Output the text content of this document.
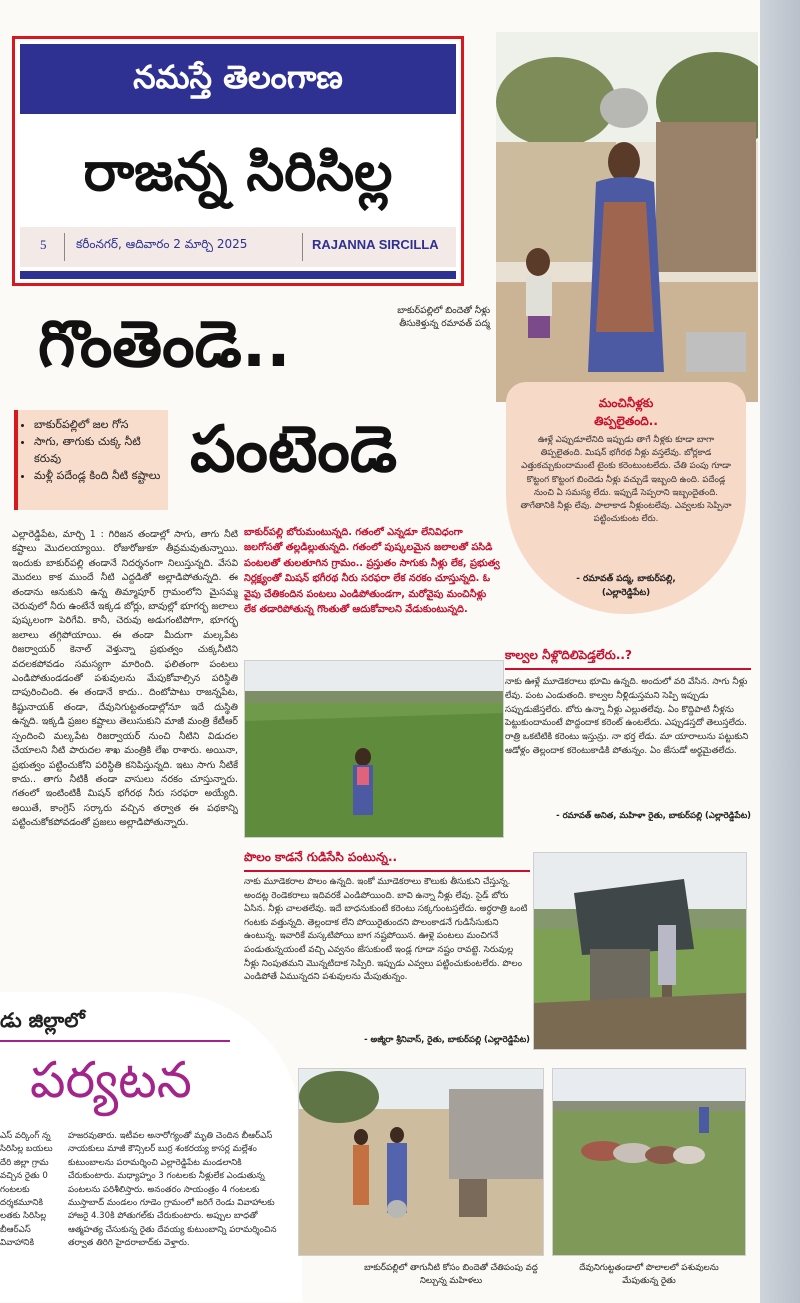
నమస్తే తెలంగాణ
రాజన్న సిరిసిల్ల
5 కరీంనగర్, ఆదివారం 2 మార్చి 2025	RAJANNA SIRCILLA
గొంతెండె..
పంటెండె
బాకుర్‌పల్లిలో బిందెతో నీళ్లు తీసుకెళ్తున్న రమావత్ పద్మ
• బాకుర్‌పల్లిలో జల గోస
• సాగు, తాగుకు చుక్క నీటి కరువు
• మళ్లీ పదేండ్ల కింది నీటి కష్టాలు
మంచినీళ్లకు
తిప్పలైతంది..
ఊళ్లే ఎప్పుడూలేనిది ఇప్పుడు తాగే నీళ్లకు కూడా బాగా తిప్పలైతంది. మిషన్ భగీరథ నీళ్లు వస్తలేవు. బోర్లకాడ ఎత్తుకచ్చుకుందామంటే టైంకు కరెంటుంటలేదు. చేతి పంపు గూడా కొట్టంగ కొట్టంగ బిందెడు నీళ్లు వచ్చుడే ఇబ్బంది ఉంది. పదేండ్ల నుంచి ఏ సమస్య లేదు. ఇప్పుడే సెప్పరాని ఇబ్బందైతంది. తాగేతానికి నీళ్లు లేవు. పాలాకాడ నీళ్లుంటలేవు. ఎవ్వలకు సెప్పినా పట్టించుకుంట లేరు.
- రమావత్ పద్మ, బాకుర్‌పల్లి,
(ఎల్లారెడ్డిపేట)
ఎల్లారెడ్డిపేట, మార్చి 1 : గిరిజన తండాల్లో సాగు, తాగు నీటి కష్టాలు మొదలయ్యాయి. రోజురోజుకూ తీవ్రమవుతున్నాయి. ఇందుకు బాకుర్‌పల్లి తండానే నిదర్శనంగా నిలుస్తున్నది. వేసవి మొదలు కాక ముందే నీటి ఎద్దడితో అల్లాడిపోతున్నది. ఈ తండాను ఆనుకుని ఉన్న తిమ్మాపూర్ గ్రామంలోని మైసమ్మ చెరువులో నీరు ఉంటేనే ఇక్కడ బోర్లు, బావుల్లో భూగర్భ జలాలు పుష్కలంగా పెరిగేవి. కానీ, చెరువు అడుగంటిపోగా, భూగర్భ జలాలు తగ్గిపోయాయి. ఈ తండా మీదుగా మల్కపేట రిజర్వాయర్ కెనాల్ వెళ్తున్నా ప్రభుత్వం చుక్కనీటిని వదలకపోవడం సమస్యగా మారింది. ఫలితంగా పంటలు ఎండిపోతుండడంతో పశువులను మేపుకోవాల్సిన పరిస్థితి దాపురించింది. ఈ తండానే కాదు.. దింటోపాటు రాజన్నపేట, కిష్టునాయక్ తండా, దేవునిగుట్టతండాల్లోనూ ఇదే దుస్థితి ఉన్నది. ఇక్కడి ప్రజల కష్టాలు తెలుసుకుని మాజీ మంత్రి కేటీఆర్ స్పందించి మల్కపేట రిజర్వాయర్ నుంచి నీటిని విడుదల చేయాలని నీటి పారుదల శాఖ మంత్రికి లేఖ రాశారు. అయినా, ప్రభుత్వం పట్టించుకోని పరిస్థితి కనిపిస్తున్నది. ఇటు సాగు నీటికే కాదు.. తాగు నీటికీ తండా వాసులు నరకం చూస్తున్నారు. గతంలో ఇంటింటికీ మిషన్ భగీరథ నీరు సరఫరా అయ్యేది. అయితే, కాంగ్రెస్ సర్కారు వచ్చిన తర్వాత ఈ పథకాన్ని పట్టించుకోకపోవడంతో ప్రజలు అల్లాడిపోతున్నారు.
బాకుర్‌పల్లి బోరుమంటున్నది. గతంలో ఎన్నడూ లేనివిధంగా జలగోసతో తల్లడిల్లుతున్నది. గతంలో పుష్కలమైన జలాలతో పసిడి పంటలతో తులతూగిన గ్రామం.. ప్రస్తుతం సాగుకు నీళ్లు లేక, ప్రభుత్వ నిర్లక్ష్యంతో మిషన్ భగీరథ నీరు సరఫరా లేక నరకం చూస్తున్నది. ఓ వైపు చేతికందిన పంటలు ఎండిపోతుండగా, మరోవైపు మంచినీళ్లు లేక తడారిపోతున్న గొంతుతో ఆదుకోవాలని వేడుకుంటున్నది.
కాల్వల నీళ్లొదిలిపెడ్తలేరు..?
నాకు ఊళ్లే మూడెకరాలు భూమి ఉన్నది. అందులో వరి వేసిన. సాగు నీళ్లు లేవు. పంట ఎండుతంది. కాల్వల నీళ్లిడుస్తమని సెప్పి ఇప్పుడు సప్పుడుజేస్తలేరు. బోరు ఉన్నా నీళ్లు ఎల్లుతలేవు. ఏం కొద్దిపాటి నీళ్లను పెట్టుకుందామంటే పొద్దందాక కరెంట్ ఉంటలేదు. ఎప్పుడస్తదో తెలుస్తలేదు. రాత్రి ఒకటిటికి కరెంటు ఇస్తున్రు. నా భర్త లేడు. మా యారాలును పట్టుకుని ఆడోళ్లం తెల్లందాక కరెంటుకాడికి పోతున్నం. ఏం జేసుడో అర్థమైతలేదు.
- రమావత్ అనిత, మహిళా రైతు, బాకుర్‌పల్లి (ఎల్లారెడ్డిపేట)
పొలం కాడనే గుడిసేసి పంటున్న..
నాకు మూడెకరాల పొలం ఉన్నది. ఇంకో మూడెకరాలు కౌలుకు తీసుకుని చేస్తున్న. అందట్ల రెండెకరాలు ఇదివరకే ఎండిపోయింది. బావి ఉన్నా నీళ్లు లేవు. సైడ్ బోరు ఏసిన. నీళ్లు చాలతలేవు. ఇదే బాధనుకుంటే కరెంటు సక్కగుంటస్తలేదు. అర్ధరాత్రి ఒంటి గంటకు వత్తున్నది. తెల్లందాక లేని పోయిరైతుందని పొలంకాడనే గుడిసేసుకుని ఉంటున్న. ఇవారికే మస్కటిపోయి బాగ నష్టపోయిన. ఊళ్లె పంటలు మంచిగనే పండుతున్నయంటే వచ్చి ఎవ్వనం జేసుకుంటే ఇండ్ల గూడా నష్టం రావట్టె. సెరువుల్ల నీళ్లు నింపుతమని మొన్నటిదాక సెప్పిరి. ఇప్పుడు ఎవ్వలు పట్టించుకుంటలేరు. పొలం ఎండిపోతే ఏమున్నదని పశువులను మేపుతున్నం.
- అజ్మీరా శ్రీనివాస్, రైతు, బాకుర్‌పల్లి (ఎల్లారెడ్డిపేట)
డు జిల్లాలో
పర్యటన
ఎస్ వర్కింగ్ న్న సిరిసిల్ల బయలు దేరి జిల్లా గ్రామ వచ్చిన రైతు 0 గంటలకు దర్శకమూనికి లతకు సిరిసిల్ల బీఆర్ఎస్ వివాహానికి
హజరవుతారు. ఇటీవల అనారోగ్యంతో మృతి చెందిన బీఆర్ఎస్ నాయకులు మాజీ కౌన్సిలర్ బుర్ర శంకరయ్య కాసర్ల మల్లేశం కుటుంబాలను పరామర్శించి ఎల్లారెడ్డిపేట మండలానికి చేరుకుంటారు. మధ్యాహ్నం 3 గంటలకు నీళ్లులేక ఎండుతున్న పంటలను పరిశీలిస్తారు. అనంతరం సాయంత్రం 4 గంటలకు ముస్తాబాద్ మండలం గూడెం గ్రామంలో జరిగే రెండు వివాహాలకు హాజరై 4.30కి పోతుగల్‌కు చేరుకుంటారు. అప్పుల బాధతో ఆత్మహత్య చేసుకున్న రైతు దేవయ్య కుటుంబాన్ని పరామర్శించిన తర్వాత తిరిగి హైదరాబాద్‌కు వెళ్తారు.
బాకుర్‌పల్లిలో తాగునీటి కోసం బిందెతో చేతిపంపు వద్ద నిల్చున్న మహిళలు
దేవునిగుట్టతండాలో పొలాలలో పశువులను మేపుతున్న రైతు
